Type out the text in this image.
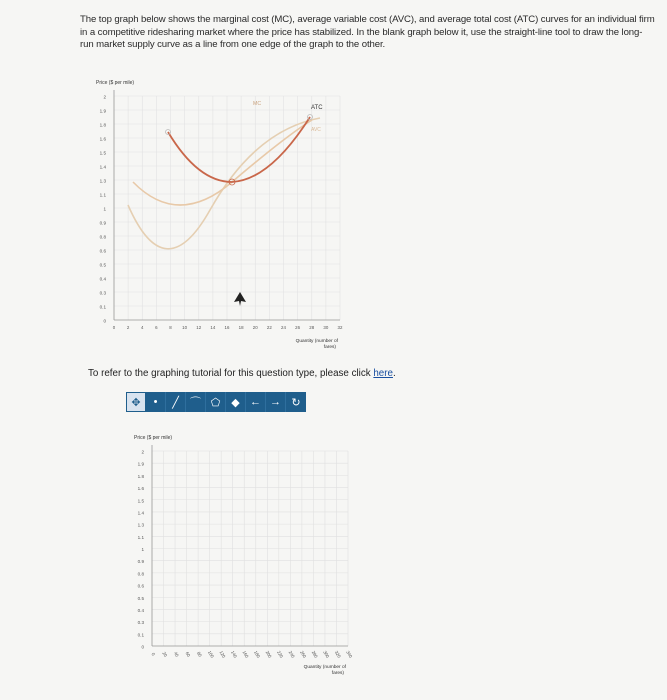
The top graph below shows the marginal cost (MC), average variable cost (AVC), and average total cost (ATC) curves for an individual firm in a competitive ridesharing market where the price has stabilized. In the blank graph below it, use the straight-line tool to draw the long-run market supply curve as a line from one edge of the graph to the other.
2
1.9
1.8
1.6
1.5
1.4
1.3
1.1
1
0.9
0.8
0.6
0.5
0.4
0.3
0.1
0
0	2	4	6	8 10 12 14 16 18 20 22 24 26 28 30 32
Price ($ per mile)
Quantity (number of
fares)
MC
ATC
AVC
2
1.9
1.8
1.6
1.5
1.4
1.3
1.1
1
0.9
0.8
0.6
0.5
0.4
0.3
0.1
0
0 20 40 60 80 100 120 140 160 180 200 220 240 260 280 300 320 340
Price ($ per mile)
Quantity (number of
fares)
To refer to the graphing tutorial for this question type, please click here.
✥ • ╱ ⌒ ⬠ ◆ ← → ↻
